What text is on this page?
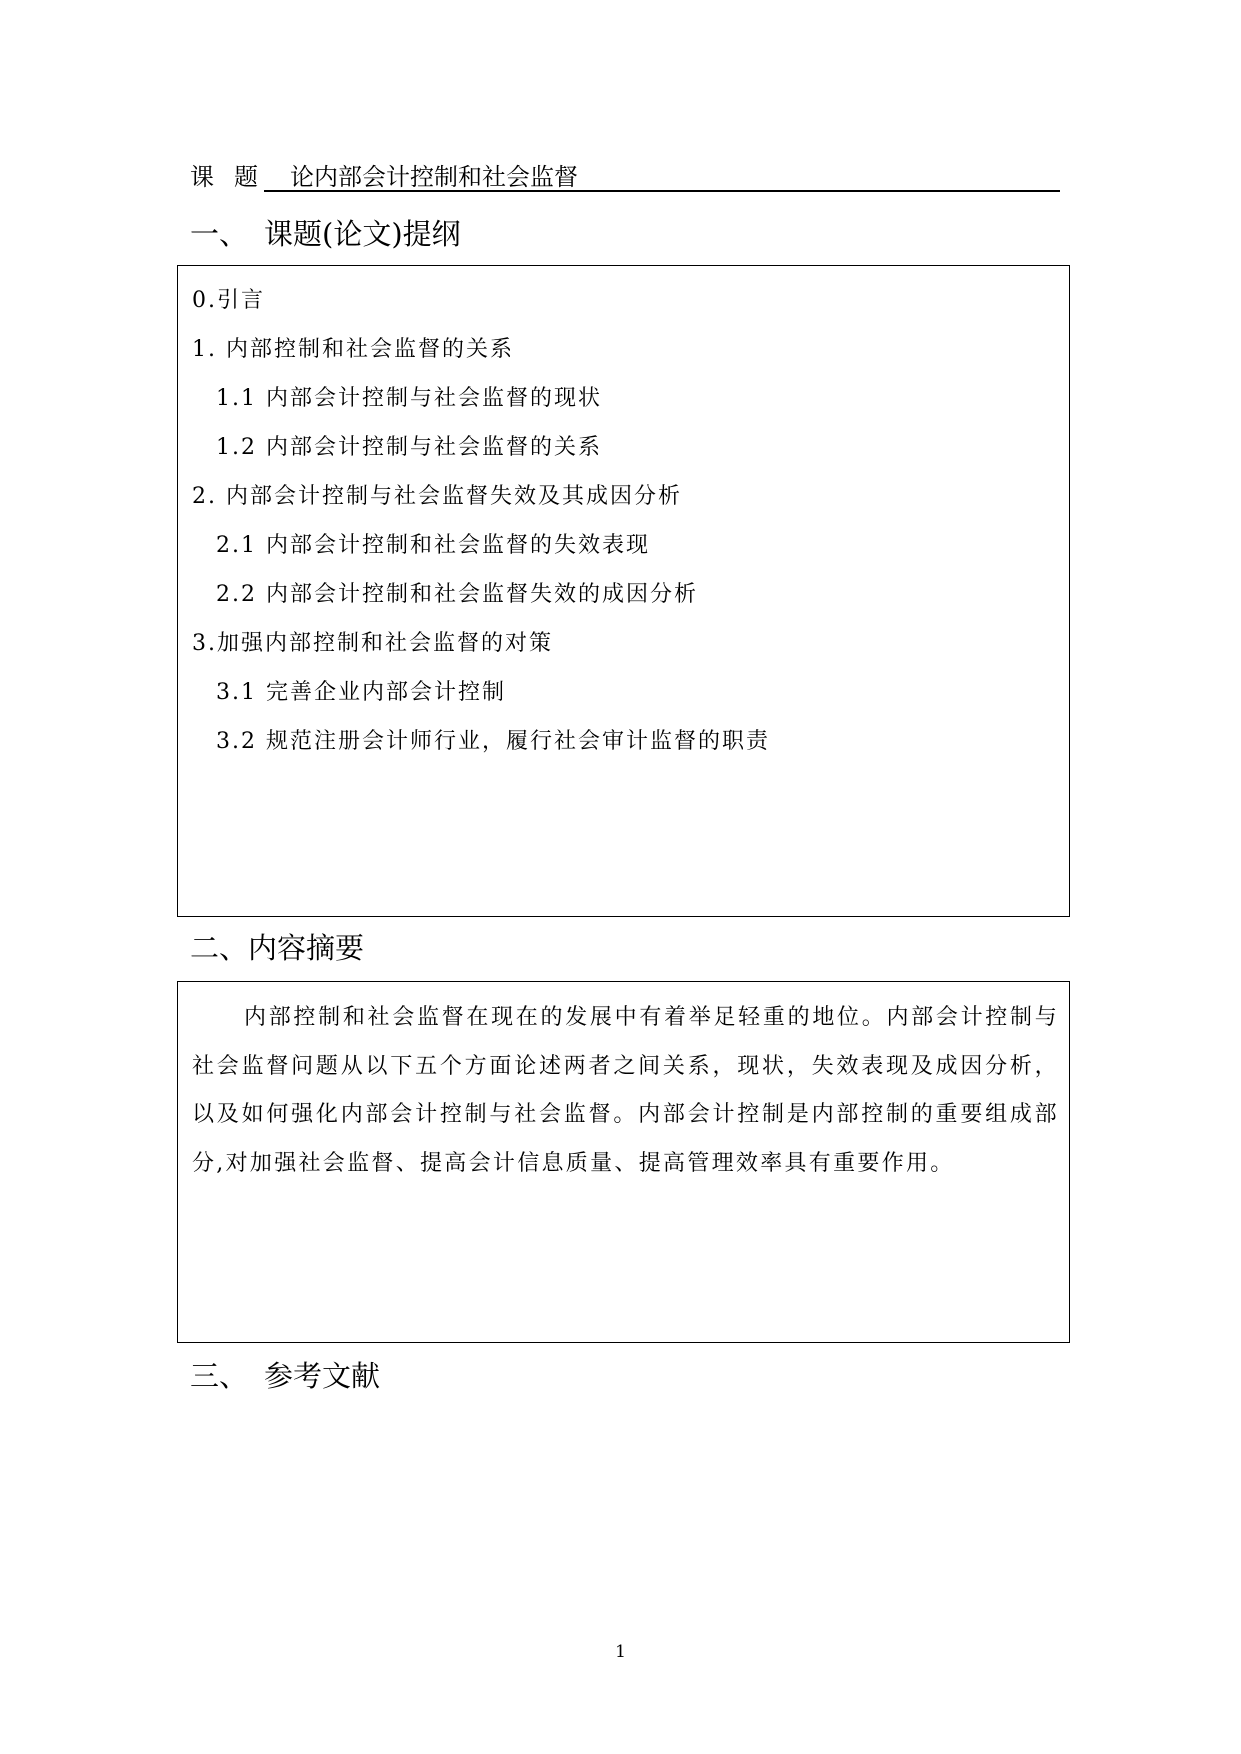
课题 论内部会计控制和社会监督
一、 课题(论文)提纲
0.引言
1. 内部控制和社会监督的关系
1.1 内部会计控制与社会监督的现状
1.2 内部会计控制与社会监督的关系
2. 内部会计控制与社会监督失效及其成因分析
2.1 内部会计控制和社会监督的失效表现
2.2 内部会计控制和社会监督失效的成因分析
3.加强内部控制和社会监督的对策
3.1 完善企业内部会计控制
3.2 规范注册会计师行业，履行社会审计监督的职责
二、内容摘要

内部控制和社会监督在现在的发展中有着举足轻重的地位。内部会计控制与社会监督问题从以下五个方面论述两者之间关系，现状，失效表现及成因分析，以及如何强化内部会计控制与社会监督。内部会计控制是内部控制的重要组成部分,对加强社会监督、提高会计信息质量、提高管理效率具有重要作用。

三、 参考文献
1
